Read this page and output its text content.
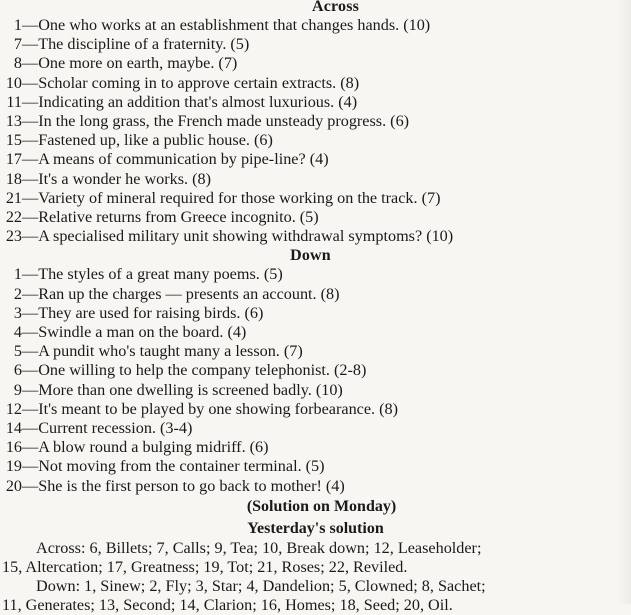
Across
1 — One who works at an establishment that changes hands. (10)
7 — The discipline of a fraternity. (5)
8 — One more on earth, maybe. (7)
10 — Scholar coming in to approve certain extracts. (8)
11 — Indicating an addition that's almost luxurious. (4)
13 — In the long grass, the French made unsteady progress. (6)
15 — Fastened up, like a public house. (6)
17 — A means of communication by pipe-line? (4)
18 — It's a wonder he works. (8)
21 — Variety of mineral required for those working on the track. (7)
22 — Relative returns from Greece incognito. (5)
23 — A specialised military unit showing withdrawal symptoms? (10)
Down
1 — The styles of a great many poems. (5)
2 — Ran up the charges — presents an account. (8)
3 — They are used for raising birds. (6)
4 — Swindle a man on the board. (4)
5 — A pundit who's taught many a lesson. (7)
6 — One willing to help the company telephonist. (2-8)
9 — More than one dwelling is screened badly. (10)
12 — It's meant to be played by one showing forbearance. (8)
14 — Current recession. (3-4)
16 — A blow round a bulging midriff. (6)
19 — Not moving from the container terminal. (5)
20 — She is the first person to go back to mother! (4)
(Solution on Monday)
Yesterday's solution
Across: 6, Billets; 7, Calls; 9, Tea; 10, Break down; 12, Leaseholder;
15, Altercation; 17, Greatness; 19, Tot; 21, Roses; 22, Reviled.
Down: 1, Sinew; 2, Fly; 3, Star; 4, Dandelion; 5, Clowned; 8, Sachet;
11, Generates; 13, Second; 14, Clarion; 16, Homes; 18, Seed; 20, Oil.
